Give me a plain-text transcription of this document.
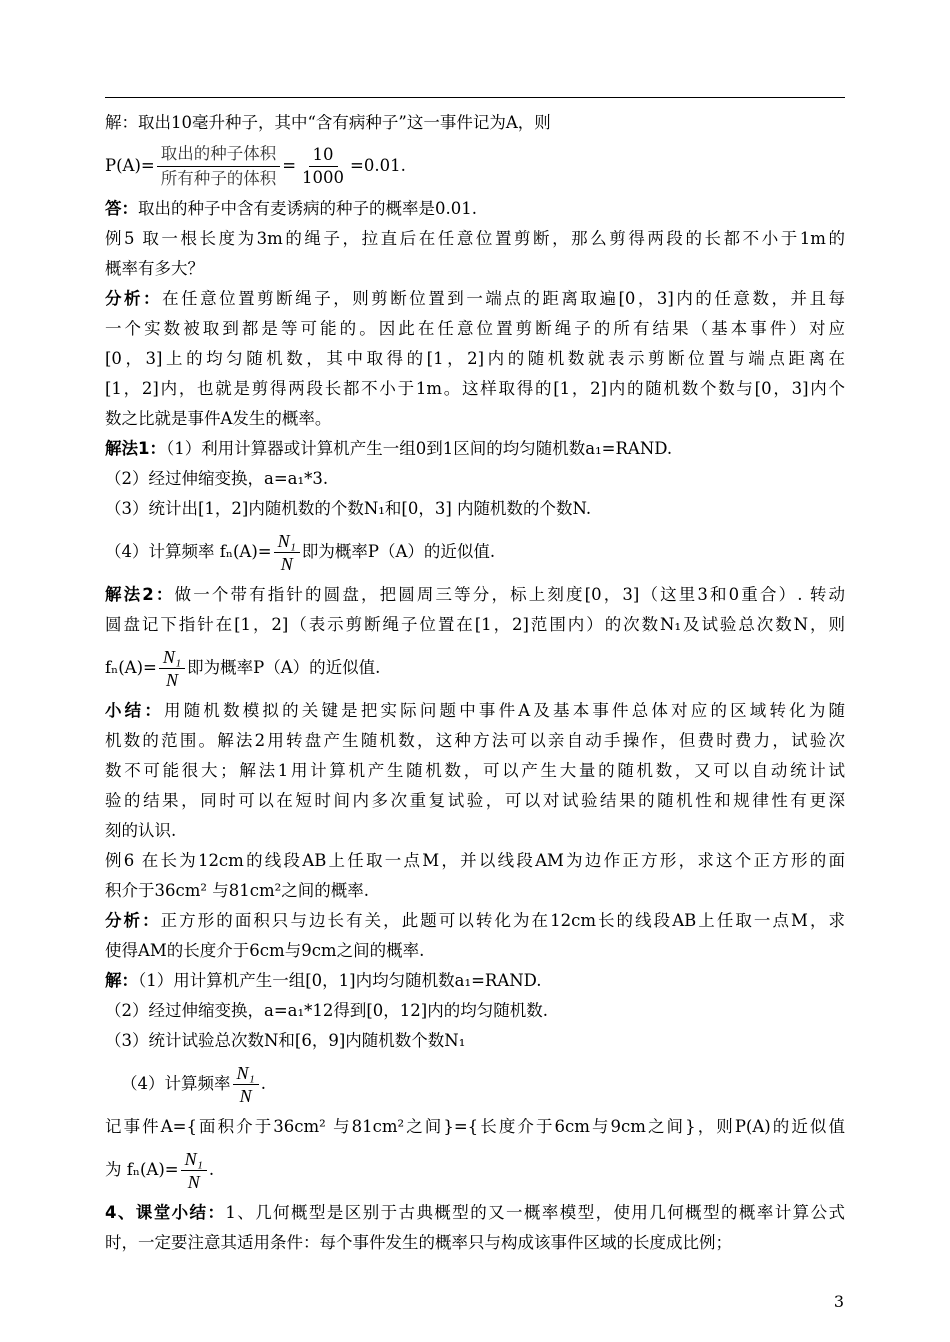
解：取出10毫升种子，其中“含有病种子”这一事件记为A，则
$P(A)= \frac{\text{取出的种子体积}}{\text{所有种子的体积}} = \frac{10}{1000} =0.01$.
答：取出的种子中含有麦诱病的种子的概率是0.01.
例5 取一根长度为3m的绳子，拉直后在任意位置剪断，那么剪得两段的长都不小于1m的
概率有多大？
分析：在任意位置剪断绳子，则剪断位置到一端点的距离取遍[0，3]内的任意数，并且每
一个实数被取到都是等可能的。因此在任意位置剪断绳子的所有结果（基本事件）对应
[0，3]上的均匀随机数，其中取得的[1，2]内的随机数就表示剪断位置与端点距离在
[1，2]内，也就是剪得两段长都不小于1m。这样取得的[1，2]内的随机数个数与[0，3]内个
数之比就是事件A发生的概率。
解法1：（1）利用计算器或计算机产生一组0到1区间的均匀随机数a₁=RAND.
（2）经过伸缩变换，a=a₁*3.
（3）统计出[1，2]内随机数的个数N₁和[0，3] 内随机数的个数N.
（4）计算频率 $f_n(A)= \frac{\text{N₁}}{N}$ 即为概率P（A）的近似值.
解法2：做一个带有指针的圆盘，把圆周三等分，标上刻度[0，3]（这里3和0重合）. 转动
圆盘记下指针在[1，2]（表示剪断绳子位置在[1，2]范围内）的次数N₁及试验总次数N，则
$f_n(A)= \frac{\text{N₁}}{N}$ 即为概率P（A）的近似值.
小结：用随机数模拟的关键是把实际问题中事件A及基本事件总体对应的区域转化为随
机数的范围。解法2用转盘产生随机数，这种方法可以亲自动手操作，但费时费力，试验次
数不可能很大；解法1用计算机产生随机数，可以产生大量的随机数，又可以自动统计试
验的结果，同时可以在短时间内多次重复试验，可以对试验结果的随机性和规律性有更深
刻的认识.
例6 在长为12cm的线段AB上任取一点M，并以线段AM为边作正方形，求这个正方形的面
积介于36cm² 与81cm²之间的概率.
分析：正方形的面积只与边长有关，此题可以转化为在12cm长的线段AB上任取一点M，求
使得AM的长度介于6cm与9cm之间的概率.
解：（1）用计算机产生一组[0，1]内均匀随机数a₁=RAND.
（2）经过伸缩变换，a=a₁*12得到[0，12]内的均匀随机数.
（3）统计试验总次数N和[6，9]内随机数个数N₁
（4）计算频率 $\frac{\text{N₁}}{N}$ .
记事件A={面积介于36cm² 与81cm²之间}={长度介于6cm与9cm之间}，则P(A)的近似值
为 $f_n(A)= \frac{\text{N₁}}{N}$ .
4、课堂小结：1、几何概型是区别于古典概型的又一概率模型，使用几何概型的概率计算公式
时，一定要注意其适用条件：每个事件发生的概率只与构成该事件区域的长度成比例；
3
